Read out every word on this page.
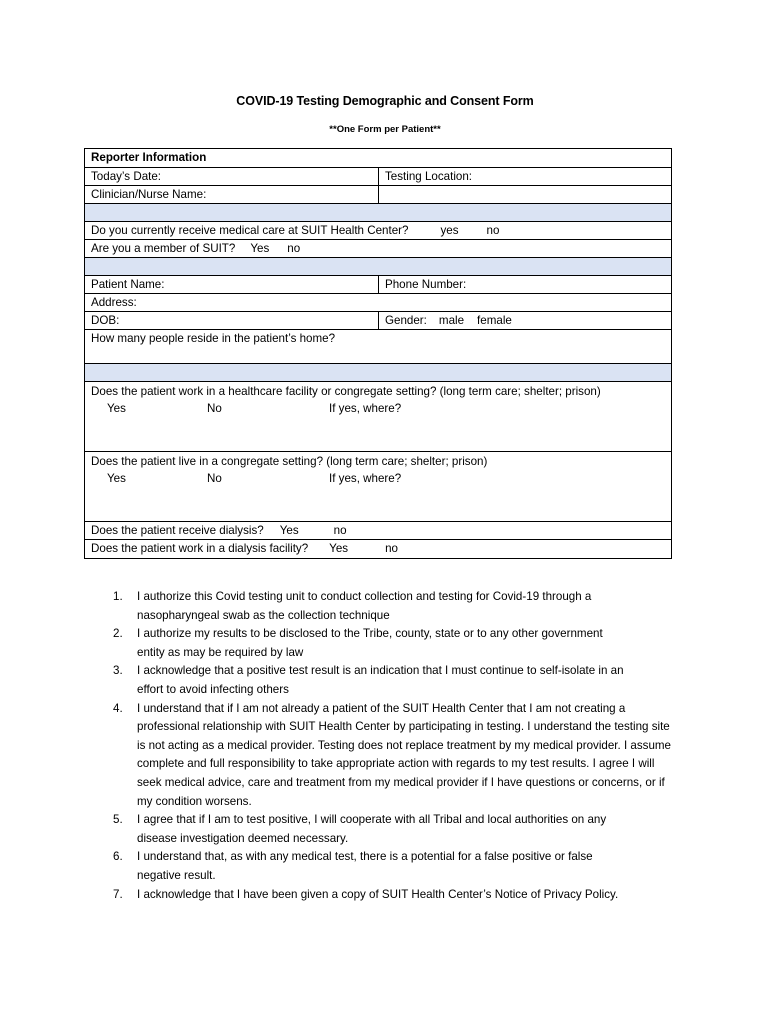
COVID-19 Testing Demographic and Consent Form
**One Form per Patient**
Reporter Information
Today’s Date:	Testing Location:
Clinician/Nurse Name:
Do you currently receive medical care at SUIT Health Center?	yes no
Are you a member of SUIT? Yes no
Patient Name:	Phone Number:
Address:
DOB:	Gender: male female
How many people reside in the patient’s home?
Does the patient work in a healthcare facility or congregate setting? (long term care; shelter; prison)
Yes	No	If yes, where?
Does the patient live in a congregate setting? (long term care; shelter; prison)
Yes	No	If yes, where?
Does the patient receive dialysis? Yes	no
Does the patient work in a dialysis facility? Yes	no
1. I authorize this Covid testing unit to conduct collection and testing for Covid-19 through a
nasopharyngeal swab as the collection technique
2. I authorize my results to be disclosed to the Tribe, county, state or to any other government
entity as may be required by law
3. I acknowledge that a positive test result is an indication that I must continue to self-isolate in an
effort to avoid infecting others
4. I understand that if I am not already a patient of the SUIT Health Center that I am not creating a
professional relationship with SUIT Health Center by participating in testing. I understand the testing site is not acting as a medical provider. Testing does not replace treatment by my medical provider. I assume complete and full responsibility to take appropriate action with regards to my test results. I agree I will seek medical advice, care and treatment from my medical provider if I have questions or concerns, or if my condition worsens.
5. I agree that if I am to test positive, I will cooperate with all Tribal and local authorities on any
disease investigation deemed necessary.
6. I understand that, as with any medical test, there is a potential for a false positive or false
negative result.
7. I acknowledge that I have been given a copy of SUIT Health Center’s Notice of Privacy Policy.
